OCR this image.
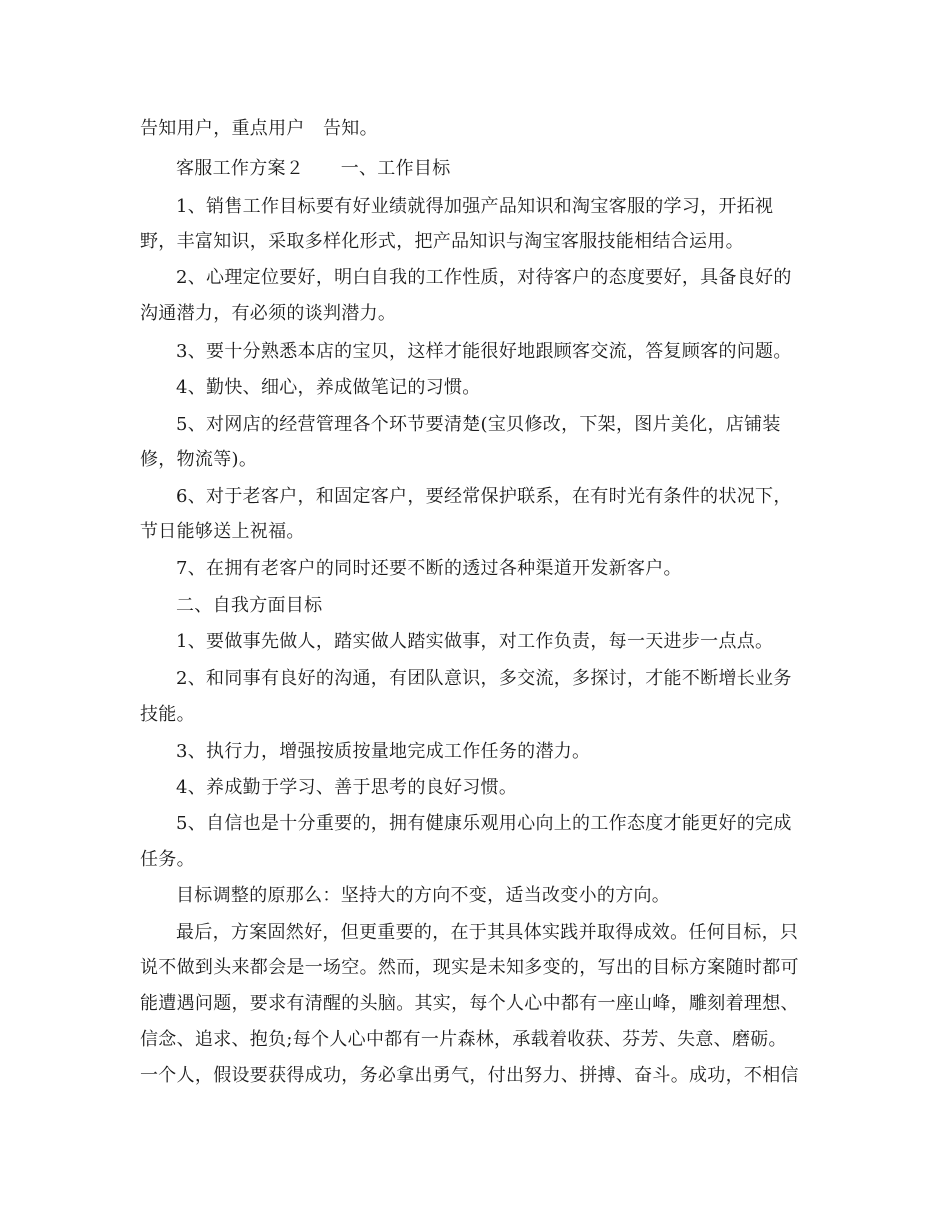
告知用户，重点用户　告知。
客服工作方案２　　一、工作目标
1、销售工作目标要有好业绩就得加强产品知识和淘宝客服的学习，开拓视
野，丰富知识，采取多样化形式，把产品知识与淘宝客服技能相结合运用。
2、心理定位要好，明白自我的工作性质，对待客户的态度要好，具备良好的
沟通潜力，有必须的谈判潜力。
3、要十分熟悉本店的宝贝，这样才能很好地跟顾客交流，答复顾客的问题。
4、勤快、细心，养成做笔记的习惯。
5、对网店的经营管理各个环节要清楚(宝贝修改，下架，图片美化，店铺装
修，物流等)。
6、对于老客户，和固定客户，要经常保护联系，在有时光有条件的状况下，
节日能够送上祝福。
7、在拥有老客户的同时还要不断的透过各种渠道开发新客户。
二、自我方面目标
1、要做事先做人，踏实做人踏实做事，对工作负责，每一天进步一点点。
2、和同事有良好的沟通，有团队意识，多交流，多探讨，才能不断增长业务
技能。
3、执行力，增强按质按量地完成工作任务的潜力。
4、养成勤于学习、善于思考的良好习惯。
5、自信也是十分重要的，拥有健康乐观用心向上的工作态度才能更好的完成
任务。
目标调整的原那么：坚持大的方向不变，适当改变小的方向。
最后，方案固然好，但更重要的，在于其具体实践并取得成效。任何目标，只
说不做到头来都会是一场空。然而，现实是未知多变的，写出的目标方案随时都可
能遭遇问题，要求有清醒的头脑。其实，每个人心中都有一座山峰，雕刻着理想、
信念、追求、抱负;每个人心中都有一片森林，承载着收获、芬芳、失意、磨砺。
一个人，假设要获得成功，务必拿出勇气，付出努力、拼搏、奋斗。成功，不相信
